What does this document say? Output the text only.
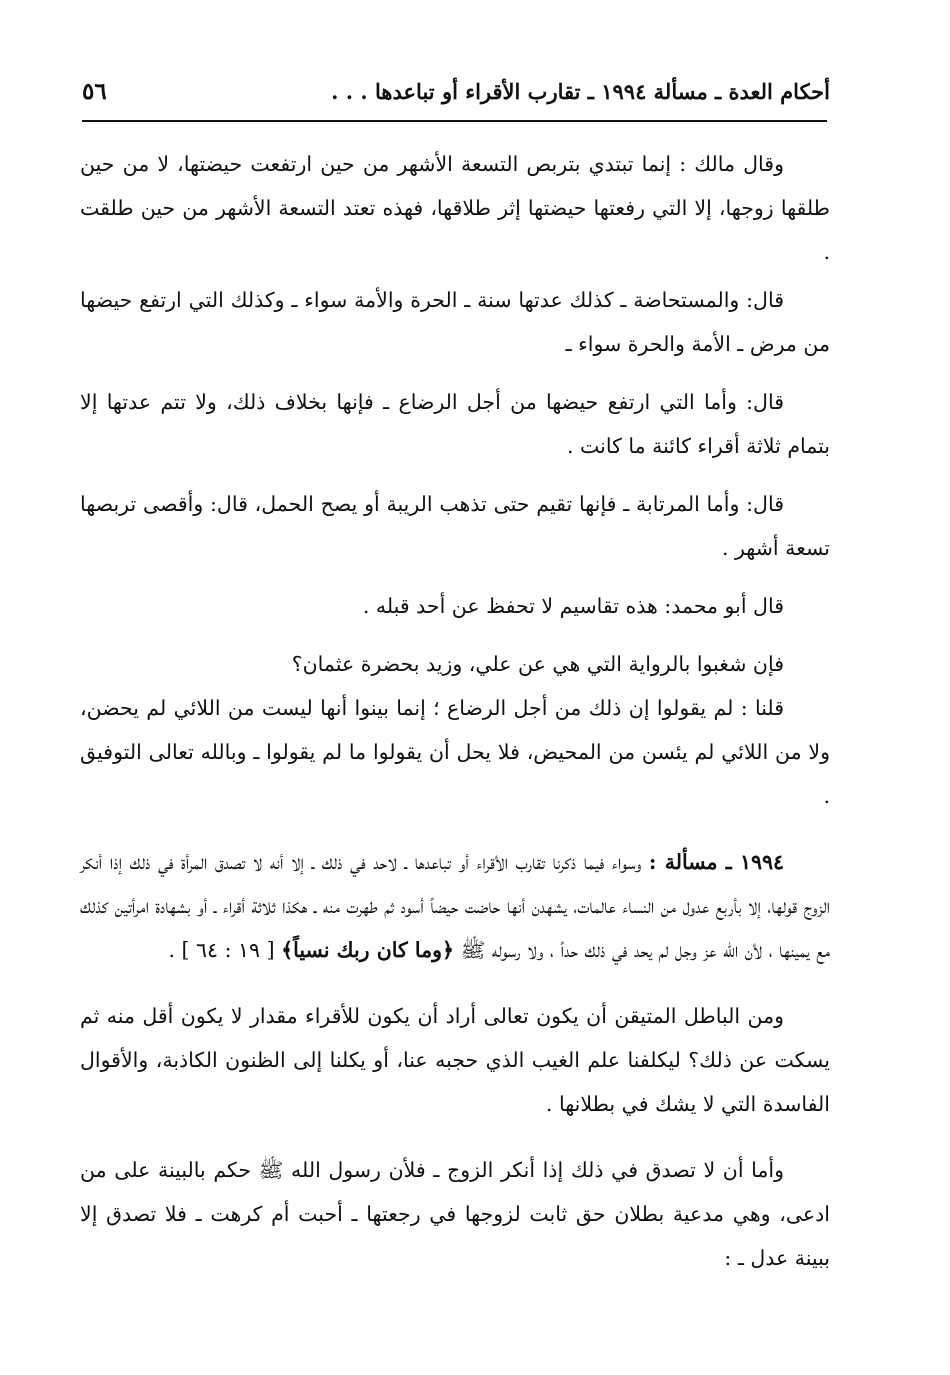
٥٦	أحكام العدة ـ مسألة ١٩٩٤ ـ تقارب الأقراء أو تباعدها . . .

وقال مالك : إنما تبتدي بتربص التسعة الأشهر من حين ارتفعت حيضتها، لا من حين طلقها زوجها، إلا التي رفعتها حيضتها إثر طلاقها، فهذه تعتد التسعة الأشهر من حين طلقت .

قال: والمستحاضة ـ كذلك عدتها سنة ـ الحرة والأمة سواء ـ وكذلك التي ارتفع حيضها من مرض ـ الأمة والحرة سواء ـ

قال: وأما التي ارتفع حيضها من أجل الرضاع ـ فإنها بخلاف ذلك، ولا تتم عدتها إلا بتمام ثلاثة أقراء كائنة ما كانت .

قال: وأما المرتابة ـ فإنها تقيم حتى تذهب الريبة أو يصح الحمل، قال: وأقصى تربصها تسعة أشهر .

قال أبو محمد: هذه تقاسيم لا تحفظ عن أحد قبله .

فإن شغبوا بالرواية التي هي عن علي، وزيد بحضرة عثمان؟

قلنا : لم يقولوا إن ذلك من أجل الرضاع ؛ إنما بينوا أنها ليست من اللائي لم يحضن، ولا من اللائي لم يئسن من المحيض، فلا يحل أن يقولوا ما لم يقولوا ـ وبالله تعالى التوفيق .

١٩٩٤ ـ مسألة : وسواء فيما ذكرنا تقارب الأقراء أو تباعدها ـ لاحد في ذلك ـ إلا أنه لا تصدق المرأة في ذلك إذا أنكر الزوج قولها، إلا بأربع عدول من النساء عالمات، يشهدن أنها حاضت حيضاً أسود ثم طهرت منه ـ هكذا ثلاثة أقراء ـ أو بشهادة امرأتين كذلك مع يمينها ، لأن الله عز وجل لم يحد في ذلك حداً ، ولا رسوله ﷺ ﴿وما كان ربك نسياً﴾ [ ١٩ : ٦٤ ] .

ومن الباطل المتيقن أن يكون تعالى أراد أن يكون للأقراء مقدار لا يكون أقل منه ثم يسكت عن ذلك؟ ليكلفنا علم الغيب الذي حجبه عنا، أو يكلنا إلى الظنون الكاذبة، والأقوال الفاسدة التي لا يشك في بطلانها .

وأما أن لا تصدق في ذلك إذا أنكر الزوج ـ فلأن رسول الله ﷺ حكم بالبينة على من ادعى، وهي مدعية بطلان حق ثابت لزوجها في رجعتها ـ أحبت أم كرهت ـ فلا تصدق إلا ببينة عدل ـ :
